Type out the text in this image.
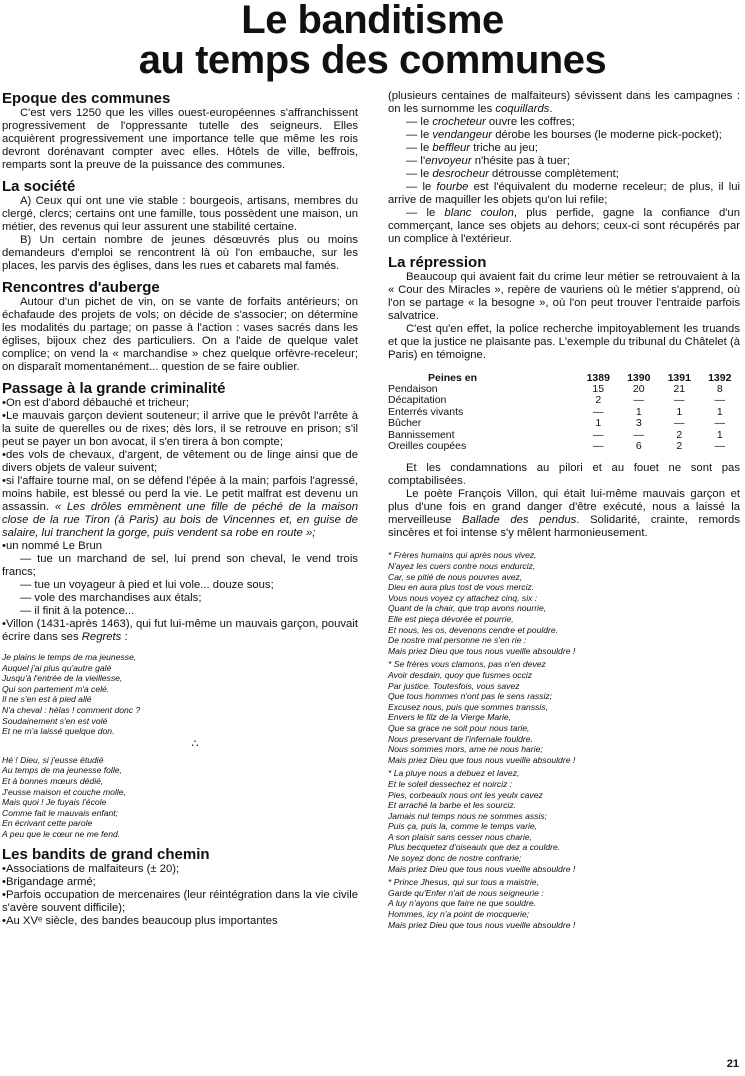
Le banditisme
au temps des communes
Epoque des communes

C'est vers 1250 que les villes ouest-européennes s'affranchissent progressivement de l'oppressante tutelle des seigneurs. Elles acquièrent progressivement une importance telle que même les rois devront dorénavant compter avec elles. Hôtels de ville, beffrois, remparts sont la preuve de la puissance des communes.

La société

A) Ceux qui ont une vie stable : bourgeois, artisans, membres du clergé, clercs; certains ont une famille, tous possèdent une maison, un métier, des revenus qui leur assurent une stabilité certaine.

B) Un certain nombre de jeunes désœuvrés plus ou moins demandeurs d'emploi se rencontrent là où l'on embauche, sur les places, les parvis des églises, dans les rues et cabarets mal famés.

Rencontres d'auberge

Autour d'un pichet de vin, on se vante de forfaits antérieurs; on échafaude des projets de vols; on décide de s'associer; on détermine les modalités du partage; on passe à l'action : vases sacrés dans les églises, bijoux chez des particuliers. On a l'aide de quelque valet complice; on vend la « marchandise » chez quelque orfèvre-receleur; on disparaît momentanément... question de se faire oublier.

Passage à la grande criminalité

• On est d'abord débauché et tricheur;

• Le mauvais garçon devient souteneur; il arrive que le prévôt l'arrête à la suite de querelles ou de rixes; dès lors, il se retrouve en prison; s'il peut se payer un bon avocat, il s'en tirera à bon compte;

• des vols de chevaux, d'argent, de vêtement ou de linge ainsi que de divers objets de valeur suivent;

• si l'affaire tourne mal, on se défend l'épée à la main; parfois l'agressé, moins habile, est blessé ou perd la vie. Le petit malfrat est devenu un assassin. « Les drôles emmènent une fille de péché de la maison close de la rue Tiron (à Paris) au bois de Vincennes et, en guise de salaire, lui tranchent la gorge, puis vendent sa robe en route »;

• un nommé Le Brun

— tue un marchand de sel, lui prend son cheval, le vend trois francs;

— tue un voyageur à pied et lui vole... douze sous;

— vole des marchandises aux étals;

— il finit à la potence...

• Villon (1431-après 1463), qui fut lui-même un mauvais garçon, pouvait écrire dans ses Regrets :

Je plains le temps de ma jeunesse,
Auquel j'ai plus qu'autre galé
Jusqu'à l'entrée de la vieillesse,
Qui son partement m'a celé.
Il ne s'en est à pied allé
N'a cheval : hélas ! comment donc ?
Soudainement s'en est volé
Et ne m'a laissé quelque don.
∴
Hé ! Dieu, si j'eusse étudié
Au temps de ma jeunesse folle,
Et à bonnes mœurs dédié,
J'eusse maison et couche molle,
Mais quoi ! Je fuyais l'école
Comme fait le mauvais enfant;
En écrivant cette parole
A peu que le cœur ne me fend.
Les bandits de grand chemin

• Associations de malfaiteurs (± 20);

• Brigandage armé;

• Parfois occupation de mercenaires (leur réintégration dans la vie civile s'avère souvent difficile);

• Au XVᵉ siècle, des bandes beaucoup plus importantes

(plusieurs centaines de malfaiteurs) sévissent dans les campagnes : on les surnomme les coquillards.

— le crocheteur ouvre les coffres;

— le vendangeur dérobe les bourses (le moderne pick-pocket);

— le beffleur triche au jeu;

— l'envoyeur n'hésite pas à tuer;

— le desrocheur détrousse complètement;

— le fourbe est l'équivalent du moderne receleur; de plus, il lui arrive de maquiller les objets qu'on lui refile;

— le blanc coulon, plus perfide, gagne la confiance d'un commerçant, lance ses objets au dehors; ceux-ci sont récupérés par un complice à l'extérieur.

La répression

Beaucoup qui avaient fait du crime leur métier se retrouvaient à la « Cour des Miracles », repère de vauriens où le métier s'apprend, où l'on se partage « la besogne », où l'on peut trouver l'entraide parfois salvatrice.

C'est qu'en effet, la police recherche impitoyablement les truands et que la justice ne plaisante pas. L'exemple du tribunal du Châtelet (à Paris) en témoigne.

Peines en	1389	1390	1391	1392
Pendaison	15	20	21	8
Décapitation	2	—	—	—
Enterrés vivants	—	1	1	1
Bûcher	1	3	—	—
Bannissement	—	—	2	1
Oreilles coupées	—	6	2	—

Et les condamnations au pilori et au fouet ne sont pas comptabilisées.

Le poète François Villon, qui était lui-même mauvais garçon et plus d'une fois en grand danger d'être exécuté, nous a laissé la merveilleuse Ballade des pendus. Solidarité, crainte, remords sincères et foi intense s'y mêlent harmonieusement.

* Frères humains qui après nous vivez,
N'ayez les cuers contre nous endurciz,
Car, se pitié de nous pouvres avez,
Dieu en aura plus tost de vous merciz.
Vous nous voyez cy attachez cinq, six :
Quant de la chair, que trop avons nourrie,
Elle est pieça dévorée et pourrie,
Et nous, les os, devenons cendre et pouldre.
De nostre mal personne ne s'en rie :
Mais priez Dieu que tous nous vueille absouldre !
* Se frères vous clamons, pas n'en devez
Avoir desdain, quoy que fusmes occiz
Par justice. Toutesfois, vous savez
Que tous hommes n'ont pas le sens rassiz;
Excusez nous, puis que sommes transsis,
Envers le filz de la Vierge Marie,
Que sa grace ne soit pour nous tarie,
Nous preservant de l'infernale fouldre.
Nous sommes mors, ame ne nous harie;
Mais priez Dieu que tous nous vueille absouldre !
* La pluye nous a debuez et lavez,
Et le soleil dessechez et noirciz :
Pies, corbeaulx nous ont les yeulx cavez
Et arraché la barbe et les sourciz.
Jamais nul temps nous ne sommes assis;
Puis ça, puis la, comme le temps varie,
A son plaisir sans cesser nous charie,
Plus becquetez d'oiseaulx que dez a couldre.
Ne soyez donc de nostre confrarie;
Mais priez Dieu que tous nous vueille absouldre !
* Prince Jhesus, qui sur tous a maistrie,
Garde qu'Enfer n'ait de nous seigneurie :
A luy n'ayons que faire ne que souldre.
Hommes, icy n'a point de mocquerie;
Mais priez Dieu que tous nous vueille absouldre !
21
